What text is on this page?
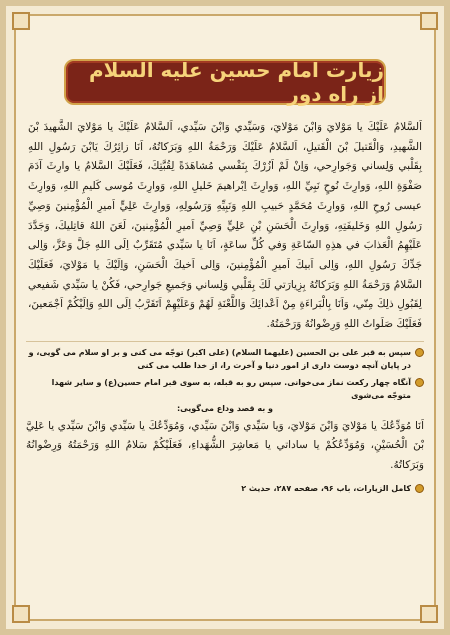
زیارت امام حسین علیه السلام از راه دور
اَلسَّلامُ عَلَيْكَ يا مَوْلايَ وَابْنَ مَوْلايَ، وَسَيِّدي وَابْنَ سَيِّدي، اَلسَّلامُ عَلَيْكَ يا مَوْلايَ الشَّهيدَ بْنَ الشَّهيدِ، وَالْقَتيلَ بْنَ الْقَتيلِ، اَلسَّلامُ عَلَيْكَ وَرَحْمَةُ اللهِ وَبَرَكاتُهُ، اَنَا زائِرُكَ يَابْنَ رَسُولِ اللهِ بِقَلْبي وَلِساني وَجَوارِحي، وَاِنْ لَمْ اَزُرْكَ بِنَفْسي مُشاهَدَةً لِقُبَّتِكَ، فَعَلَيْكَ السَّلامُ يا وارِثَ آدَمَ صَفْوَةِ اللهِ، وَوارِثَ نُوحٍ نَبِيِّ اللهِ، وَوارِثَ اِبْراهيمَ خَليلِ اللهِ، وَوارِثَ مُوسى كَليمِ اللهِ، وَوارِثَ عيسى رُوحِ اللهِ، وَوارِثَ مُحَمَّدٍ حَبيبِ اللهِ وَنَبِيِّهِ وَرَسُولِهِ، وَوارِثَ عَلِيٍّ اَميرِ الْمُؤْمِنينَ وَصِيِّ رَسُولِ اللهِ وَخَليفَتِهِ، وَوارِثَ الْحَسَنِ بْنِ عَلِيٍّ وَصِيِّ اَميرِ الْمُؤْمِنينَ، لَعَنَ اللهُ قاتِليكَ، وَجَدَّدَ عَلَيْهِمُ الْعَذابَ في هذِهِ السّاعَةِ وَفي كُلِّ ساعَةٍ، اَنَا يا سَيِّدي مُتَقَرِّبٌ اِلَى اللهِ جَلَّ وَعَزَّ، وَاِلى جَدِّكَ رَسُولِ اللهِ، وَاِلى اَبيكَ اَميرِ الْمُؤْمِنينَ، وَاِلى اَخيكَ الْحَسَنِ، وَاِلَيْكَ يا مَوْلايَ، فَعَلَيْكَ السَّلامُ وَرَحْمَةُ اللهِ وَبَرَكاتُهُ بِزِيارَتي لَكَ بِقَلْبي وَلِساني وَجَميعِ جَوارِحي، فَكُنْ يا سَيِّدي شَفيعي لِقَبُولِ ذلِكَ مِنّي، وَاَنَا بِالْبَراءَةِ مِنْ اَعْدائِكَ وَاللَّعْنَةِ لَهُمْ وَعَلَيْهِمْ اَتَقَرَّبُ اِلَى اللهِ وَاِلَيْكُمْ اَجْمَعينَ، فَعَلَيْكَ صَلَواتُ اللهِ وَرِضْوانُهُ وَرَحْمَتُهُ.
سپس به قبر علی بن الحسین (علیهما السلام) (علی اکبر) توجّه می کنی و بر او سلام می گویی، و در پایان آنچه دوست داری از امور دنیا و آخرت را، از خدا طلب می کنی
آنگاه چهار رکعت نماز می‌خوانی. سپس رو به قبله، به سوی قبر امام حسین(ع) و سایر شهدا متوجّه می‌شوی
و به قصد وداع می‌گویی:
اَنَا مُوَدِّعُكَ يا مَوْلايَ وَابْنَ مَوْلايَ، وَيا سَيِّدي وَابْنَ سَيِّدي، وَمُوَدِّعُكَ يا سَيِّدي وَابْنَ سَيِّدي يا عَلِيَّ بْنَ الْحُسَيْنِ، وَمُوَدِّعُكُمْ يا ساداتي يا مَعاشِرَ الشُّهَداءِ، فَعَلَيْكُمْ سَلامُ اللهِ وَرَحْمَتُهُ وَرِضْوانُهُ وَبَرَكاتُهُ.
کامل الزیارات، باب ۹۶، صفحه ۲۸۷، حدیث ۲
